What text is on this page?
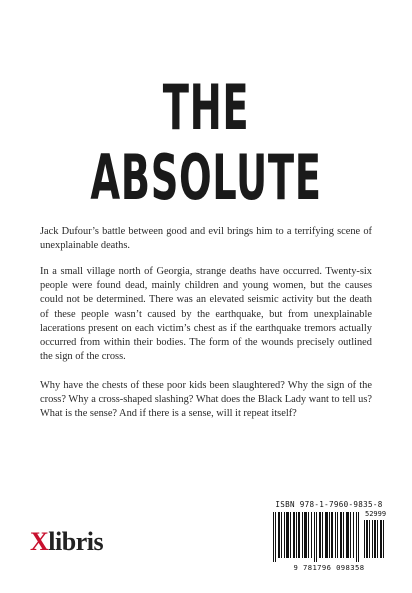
THE
ABSOLUTE

Jack Dufour’s battle between good and evil brings him to a terrifying scene of unexplainable deaths.

In a small village north of Georgia, strange deaths have occurred. Twenty-six people were found dead, mainly children and young women, but the causes could not be determined. There was an elevated seismic activity but the death of these people wasn’t caused by the earthquake, but from unexplainable lacerations present on each victim’s chest as if the earthquake tremors actually occurred from within their bodies. The form of the wounds precisely outlined the sign of the cross.

Why have the chests of these poor kids been slaughtered? Why the sign of the cross? Why a cross-shaped slashing? What does the Black Lady want to tell us? What is the sense? And if there is a sense, will it repeat itself?

Xlibris
ISBN 978-1-7960-9835-8
52999
9 781796 098358
